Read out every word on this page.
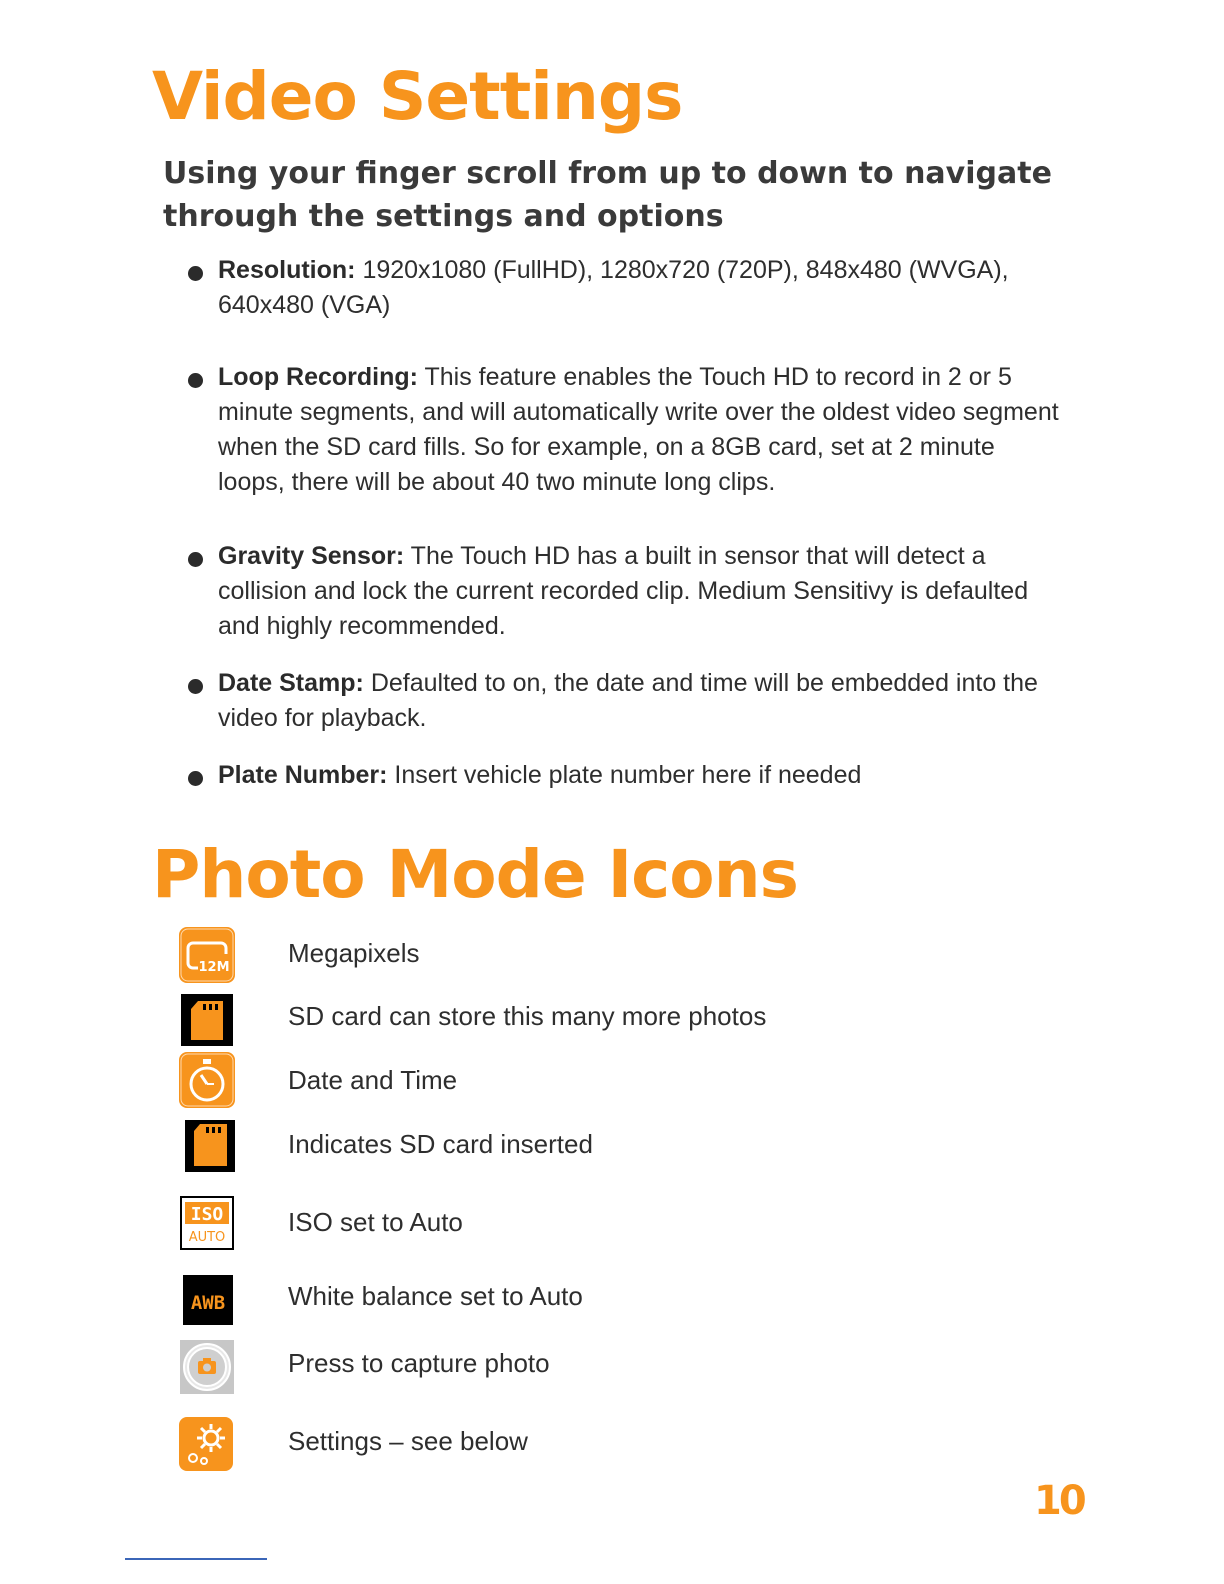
Video Settings
Using your finger scroll from up to down to navigate through the settings and options
Resolution: 1920x1080 (FullHD), 1280x720 (720P), 848x480 (WVGA), 640x480 (VGA)
Loop Recording: This feature enables the Touch HD to record in 2 or 5 minute segments, and will automatically write over the oldest video segment when the SD card fills. So for example, on a 8GB card, set at 2 minute loops, there will be about 40 two minute long clips.
Gravity Sensor: The Touch HD has a built in sensor that will detect a collision and lock the current recorded clip. Medium Sensitivy is defaulted and highly recommended.
Date Stamp: Defaulted to on, the date and time will be embedded into the video for playback.
Plate Number: Insert vehicle plate number here if needed
Photo Mode Icons
12M Megapixels
SD card can store this many more photos
Date and Time
Indicates SD card inserted
ISO
AUTO
ISO set to Auto
AWB White balance set to Auto
Press to capture photo
Settings – see below
10
